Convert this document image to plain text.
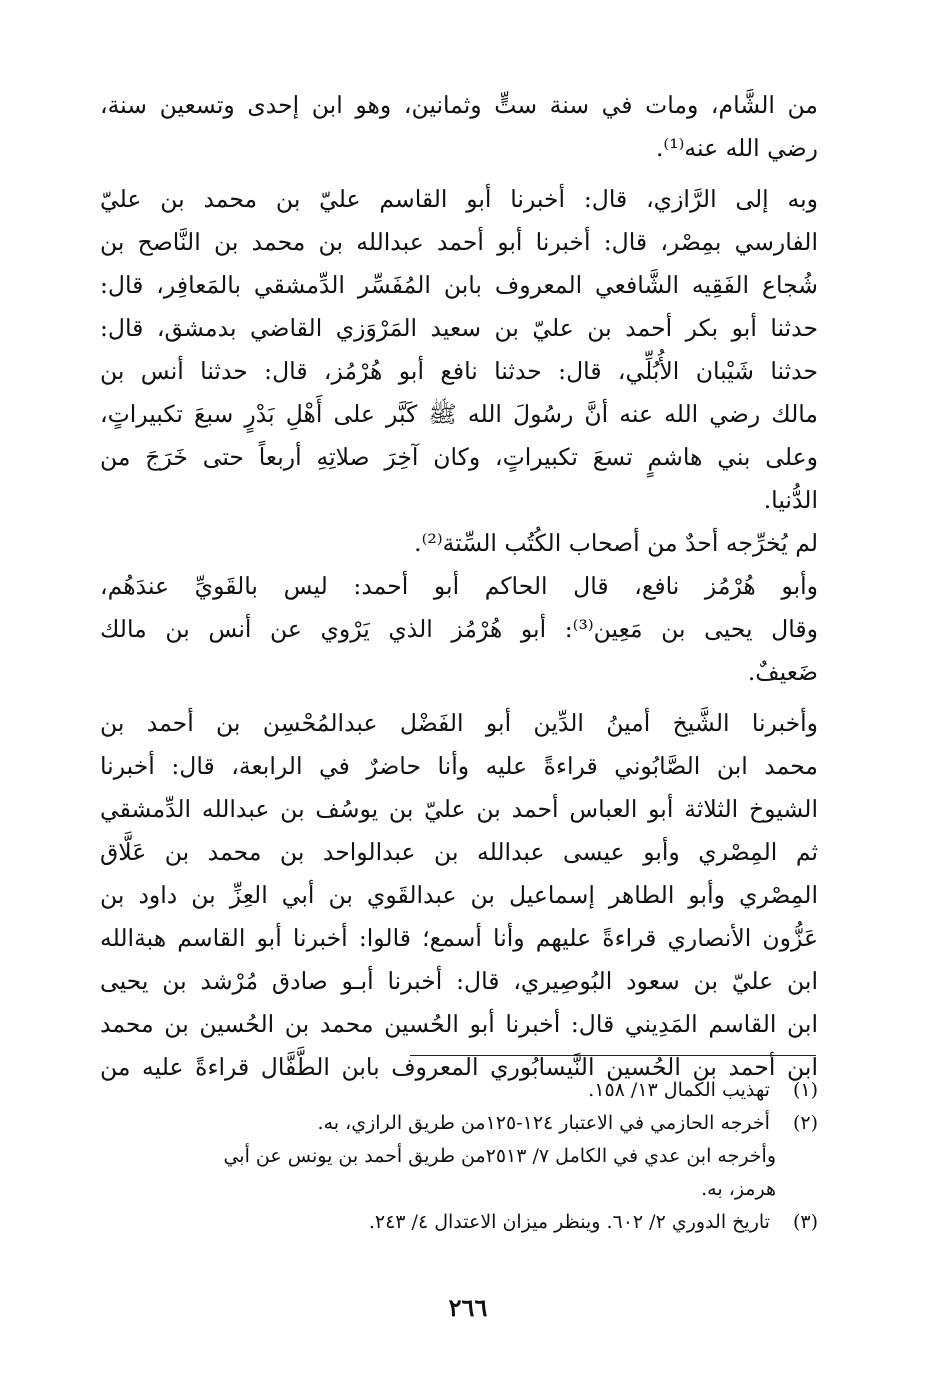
من الشَّام، ومات في سنة ستٍّ وثمانين، وهو ابن إحدى وتسعين سنة،
رضي الله عنه⁽¹⁾.
وبه إلى الرَّازي، قال: أخبرنا أبو القاسم عليّ بن محمد بن عليّ
الفارسي بمِصْر، قال: أخبرنا أبو أحمد عبدالله بن محمد بن النَّاصح بن
شُجاع الفَقِيه الشَّافعي المعروف بابن المُفَسِّر الدِّمشقي بالمَعافِر، قال:
حدثنا أبو بكر أحمد بن عليّ بن سعيد المَرْوَزي القاضي بدمشق، قال:
حدثنا شَيْبان الأُبُلِّي، قال: حدثنا نافع أبو هُرْمُز، قال: حدثنا أنس بن
مالك رضي الله عنه أنَّ رسُولَ الله ﷺ كَبَّر على أَهْلِ بَدْرٍ سبعَ تكبيراتٍ،
وعلى بني هاشمٍ تسعَ تكبيراتٍ، وكان آخِرَ صلاتِهِ أربعاً حتى خَرَجَ من
الدُّنيا.
لم يُخرِّجه أحدٌ من أصحاب الكُتُب السِّتة⁽²⁾.
وأبو هُرْمُز نافع، قال الحاكم أبو أحمد: ليس بالقَويِّ عندَهُم،
وقال يحيى بن مَعِين⁽³⁾: أبو هُرْمُز الذي يَرْوي عن أنس بن مالك
ضَعيفٌ.
وأخبرنا الشَّيخ أمينُ الدِّين أبو الفَضْل عبدالمُحْسِن بن أحمد بن
محمد ابن الصَّابُوني قراءةً عليه وأنا حاضرٌ في الرابعة، قال: أخبرنا
الشيوخ الثلاثة أبو العباس أحمد بن عليّ بن يوسُف بن عبدالله الدِّمشقي
ثم المِصْري وأبو عيسى عبدالله بن عبدالواحد بن محمد بن عَلَّاق
المِصْري وأبو الطاهر إسماعيل بن عبدالقَوي بن أبي العِزِّ بن داود بن
عَزُّون الأنصاري قراءةً عليهم وأنا أسمع؛ قالوا: أخبرنا أبو القاسم هبةالله
ابن عليّ بن سعود البُوصِيري، قال: أخبرنا أبـو صادق مُرْشد بن يحيى
ابن القاسم المَدِيني قال: أخبرنا أبو الحُسين محمد بن الحُسين بن محمد
ابن أحمد بن الحُسين النَّيسابُوري المعروف بابن الطَّفَّال قراءةً عليه من
(١) تهذيب الكمال ١٣/ ١٥٨.
(٢) أخرجه الحازمي في الاعتبار ١٢٤-١٢٥من طريق الرازي، به.
وأخرجه ابن عدي في الكامل ٧/ ٢٥١٣من طريق أحمد بن يونس عن أبي
هرمز، به.
(٣) تاريخ الدوري ٢/ ٦٠٢. وينظر ميزان الاعتدال ٤/ ٢٤٣.
٢٦٦
